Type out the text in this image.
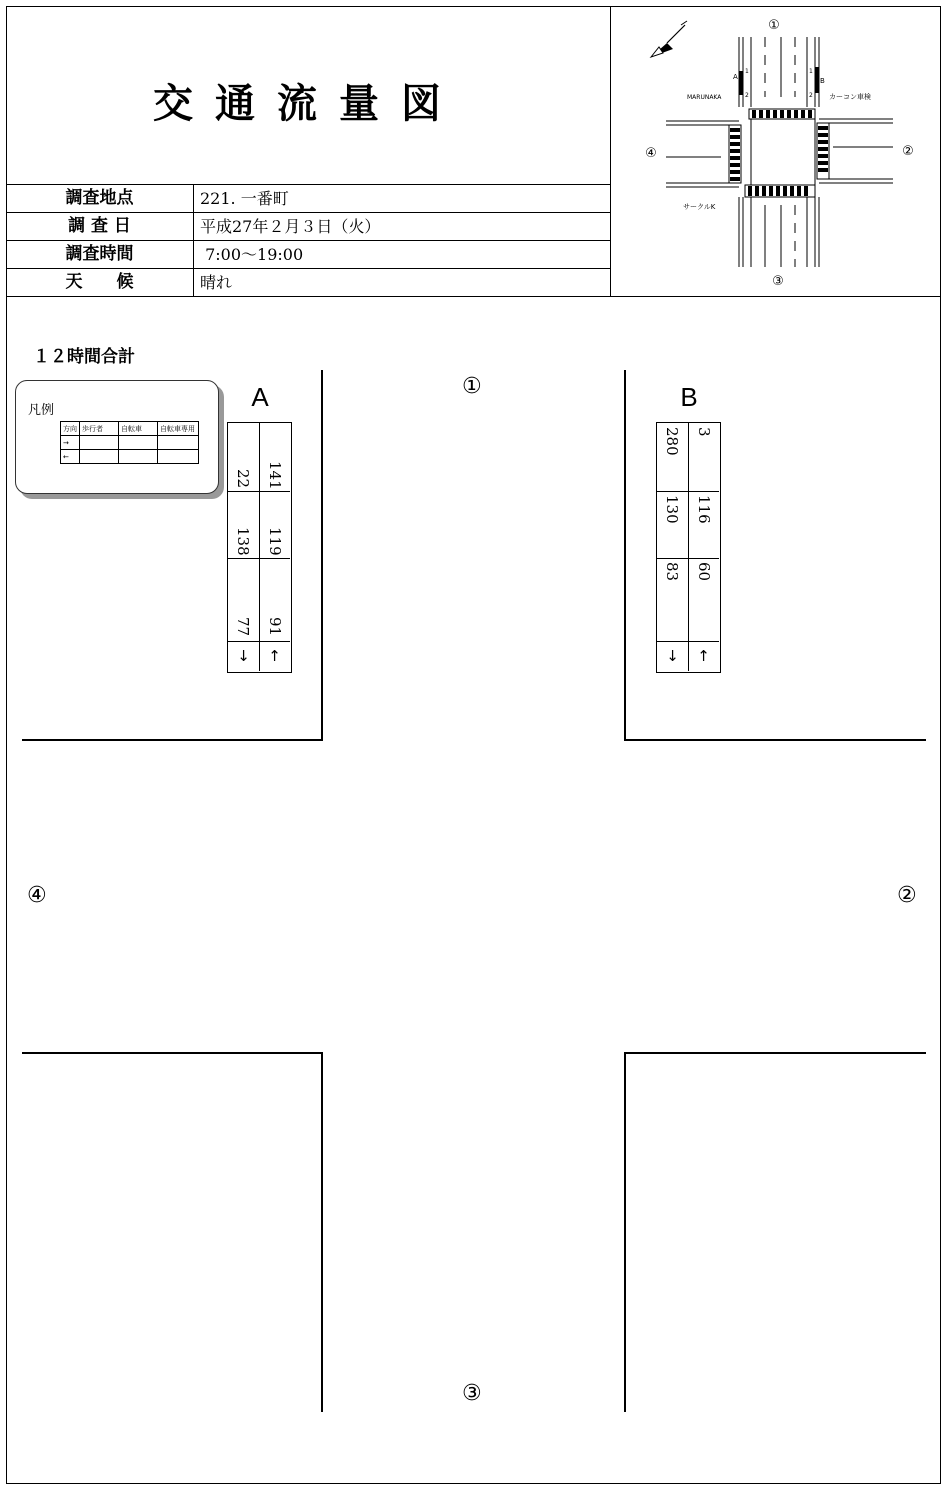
交通流量図
調査地点	221. 一番町
調 査 日	平成27年２月３日（火）
調査時間	7:00～19:00
天　　候	晴れ
①
②
③
④
MARUNAKA	カーコン車検
サークルK
A	B
1
2
1
2
１２時間合計
①
②
③
④
凡例
方向	歩行者	自転車	自転車専用
→			
←			
A
22 141
138 119
77 91
↓	↑
B
280 3
130 116
83 60
↓	↑
